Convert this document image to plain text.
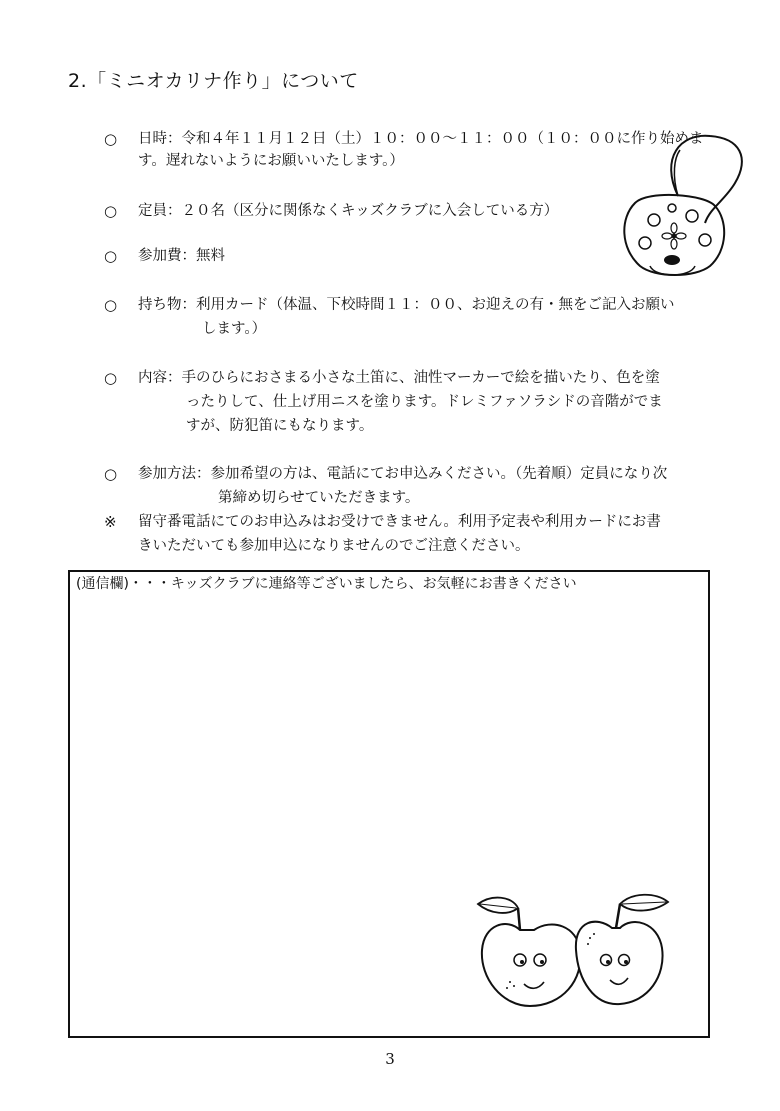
2.「ミニオカリナ作り」について
○ 日時：令和４年１１月１２日（土）１０：００～１１：００（１０：００に作り始めま
す。遅れないようにお願いいたします。）
○ 定員：２０名（区分に関係なくキッズクラブに入会している方）
○ 参加費：無料
○ 持ち物：利用カード（体温、下校時間１１：００、お迎えの有・無をご記入お願い
します。）
○ 内容：手のひらにおさまる小さな土笛に、油性マーカーで絵を描いたり、色を塗
ったりして、仕上げ用ニスを塗ります。ドレミファソラシドの音階がでま
すが、防犯笛にもなります。
○ 参加方法：参加希望の方は、電話にてお申込みください。（先着順）定員になり次
第締め切らせていただきます。
※ 留守番電話にてのお申込みはお受けできません。利用予定表や利用カードにお書
きいただいても参加申込になりませんのでご注意ください。
(通信欄)・・・キッズクラブに連絡等ございましたら、お気軽にお書きください
3
